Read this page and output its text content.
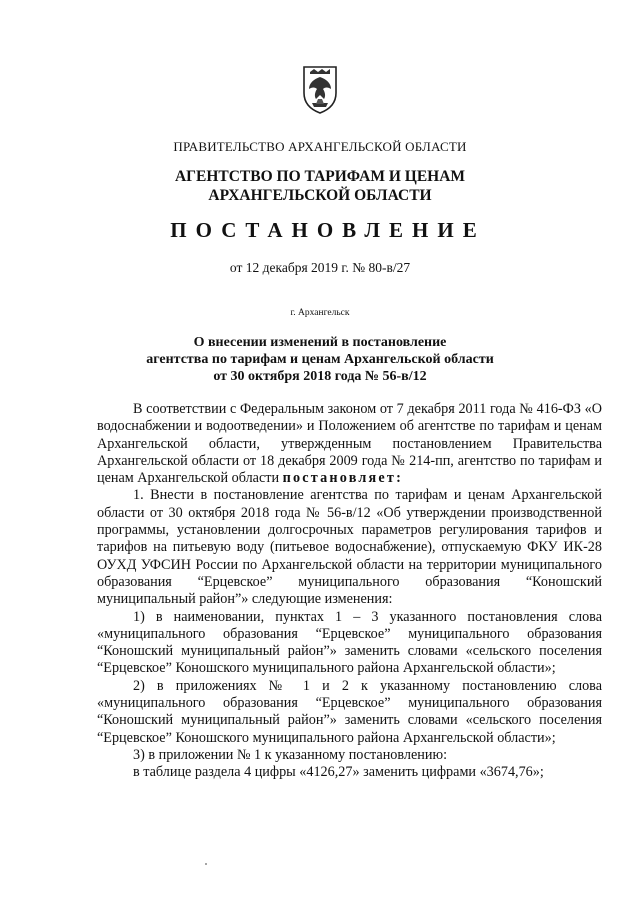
ПРАВИТЕЛЬСТВО АРХАНГЕЛЬСКОЙ ОБЛАСТИ
АГЕНТСТВО ПО ТАРИФАМ И ЦЕНАМ
АРХАНГЕЛЬСКОЙ ОБЛАСТИ
ПОСТАНОВЛЕНИЕ
от 12 декабря 2019 г. № 80-в/27
г. Архангельск
О внесении изменений в постановление
агентства по тарифам и ценам Архангельской области
от 30 октября 2018 года № 56-в/12

В соответствии с Федеральным законом от 7 декабря 2011 года № 416-ФЗ «О водоснабжении и водоотведении» и Положением об агентстве по тарифам и ценам Архангельской области, утвержденным постановлением Правительства Архангельской области от 18 декабря 2009 года № 214-пп, агентство по тарифам и ценам Архангельской области постановляет:

1. Внести в постановление агентства по тарифам и ценам Архангельской области от 30 октября 2018 года № 56-в/12 «Об утверждении производственной программы, установлении долгосрочных параметров регулирования тарифов и тарифов на питьевую воду (питьевое водоснабжение), отпускаемую ФКУ ИК-28 ОУХД УФСИН России по Архангельской области на территории муниципального образования “Ерцевское” муниципального образования “Коношский муниципальный район”» следующие изменения:

1) в наименовании, пунктах 1 – 3 указанного постановления слова «муниципального образования “Ерцевское” муниципального образования “Коношский муниципальный район”» заменить словами «сельского поселения “Ерцевское” Коношского муниципального района Архангельской области»;

2) в приложениях № 1 и 2 к указанному постановлению слова «муниципального образования “Ерцевское” муниципального образования “Коношский муниципальный район”» заменить словами «сельского поселения “Ерцевское” Коношского муниципального района Архангельской области»;

3) в приложении № 1 к указанному постановлению:

в таблице раздела 4 цифры «4126,27» заменить цифрами «3674,76»;
